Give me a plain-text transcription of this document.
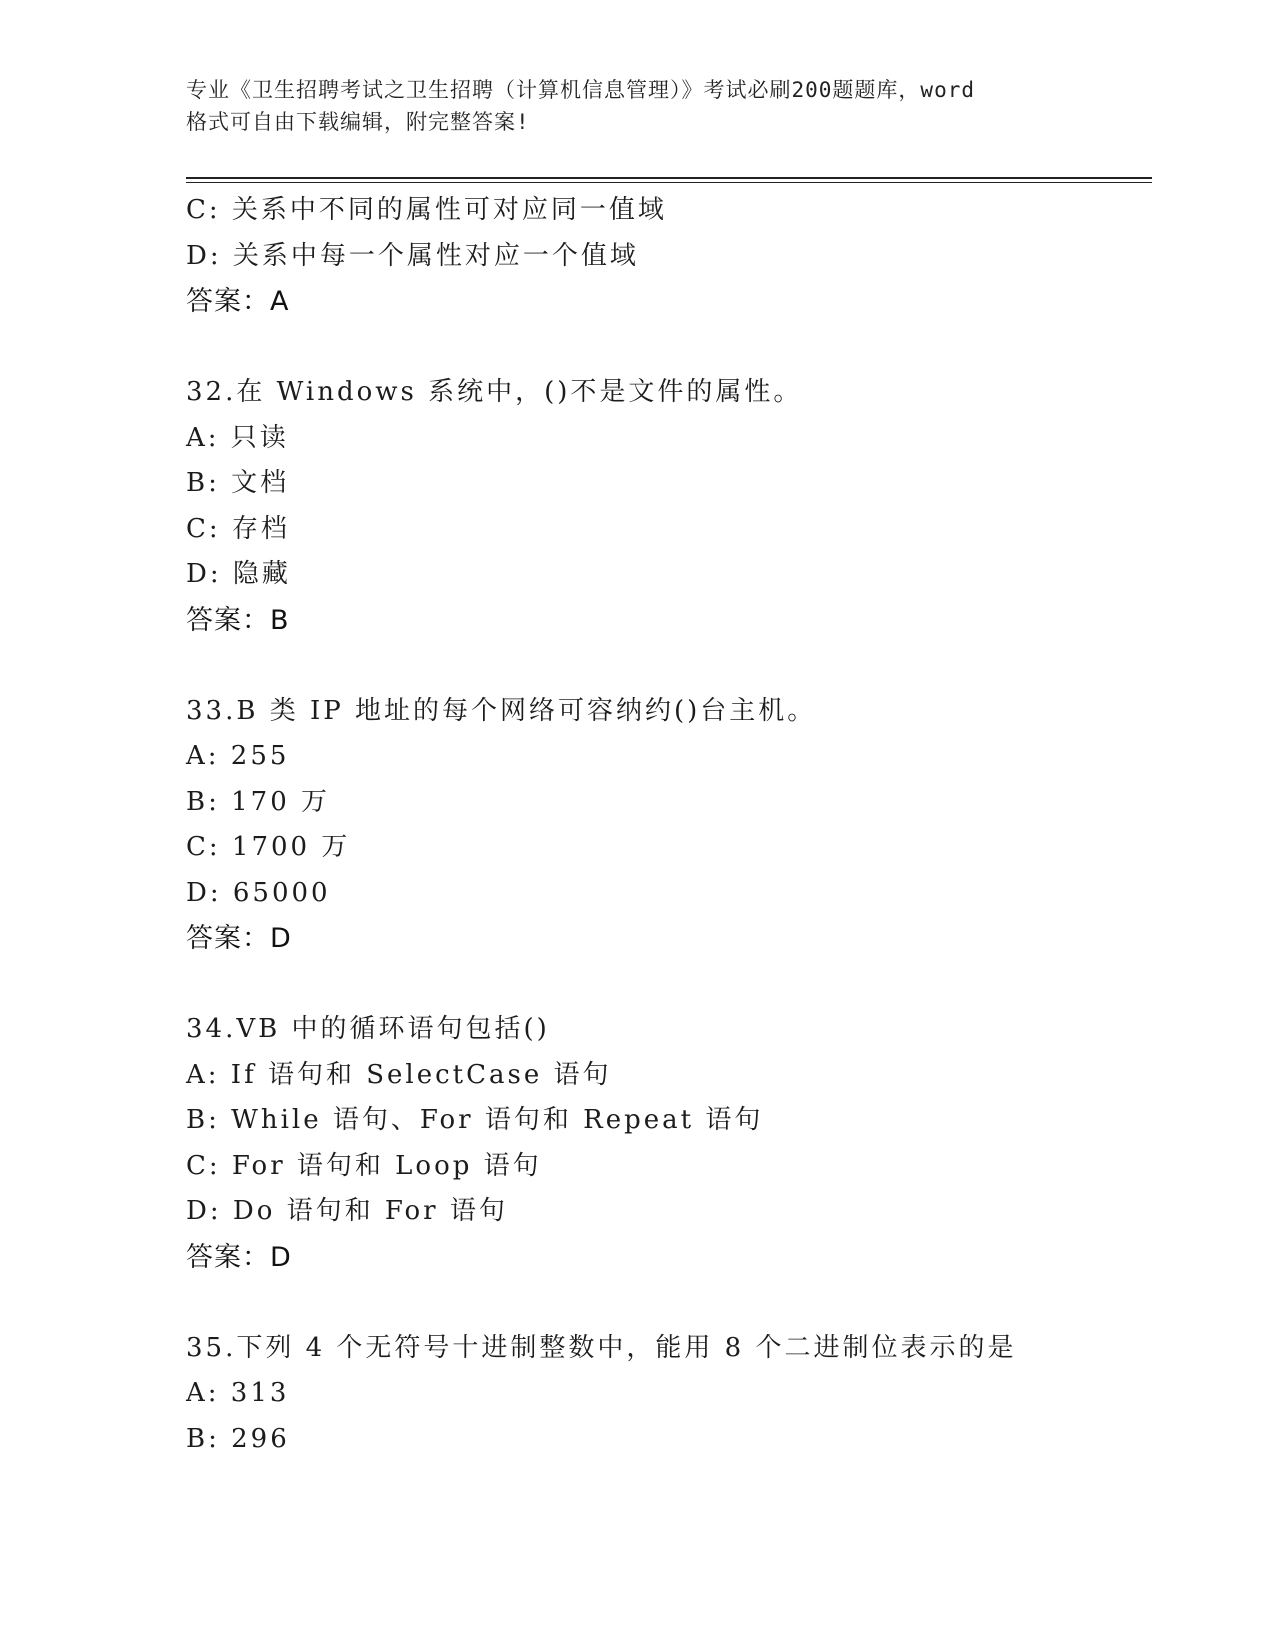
专业《卫生招聘考试之卫生招聘（计算机信息管理）》考试必刷200题题库，word
格式可自由下载编辑，附完整答案!
C: 关系中不同的属性可对应同一值域
D: 关系中每一个属性对应一个值域
答案：A
32.在 Windows 系统中，()不是文件的属性。
A: 只读
B: 文档
C: 存档
D: 隐藏
答案：B
33.B 类 IP 地址的每个网络可容纳约()台主机。
A: 255
B: 170 万
C: 1700 万
D: 65000
答案：D
34.VB 中的循环语句包括()
A: If 语句和 SelectCase 语句
B: While 语句、For 语句和 Repeat 语句
C: For 语句和 Loop 语句
D: Do 语句和 For 语句
答案：D
35.下列 4 个无符号十进制整数中，能用 8 个二进制位表示的是
A: 313
B: 296
